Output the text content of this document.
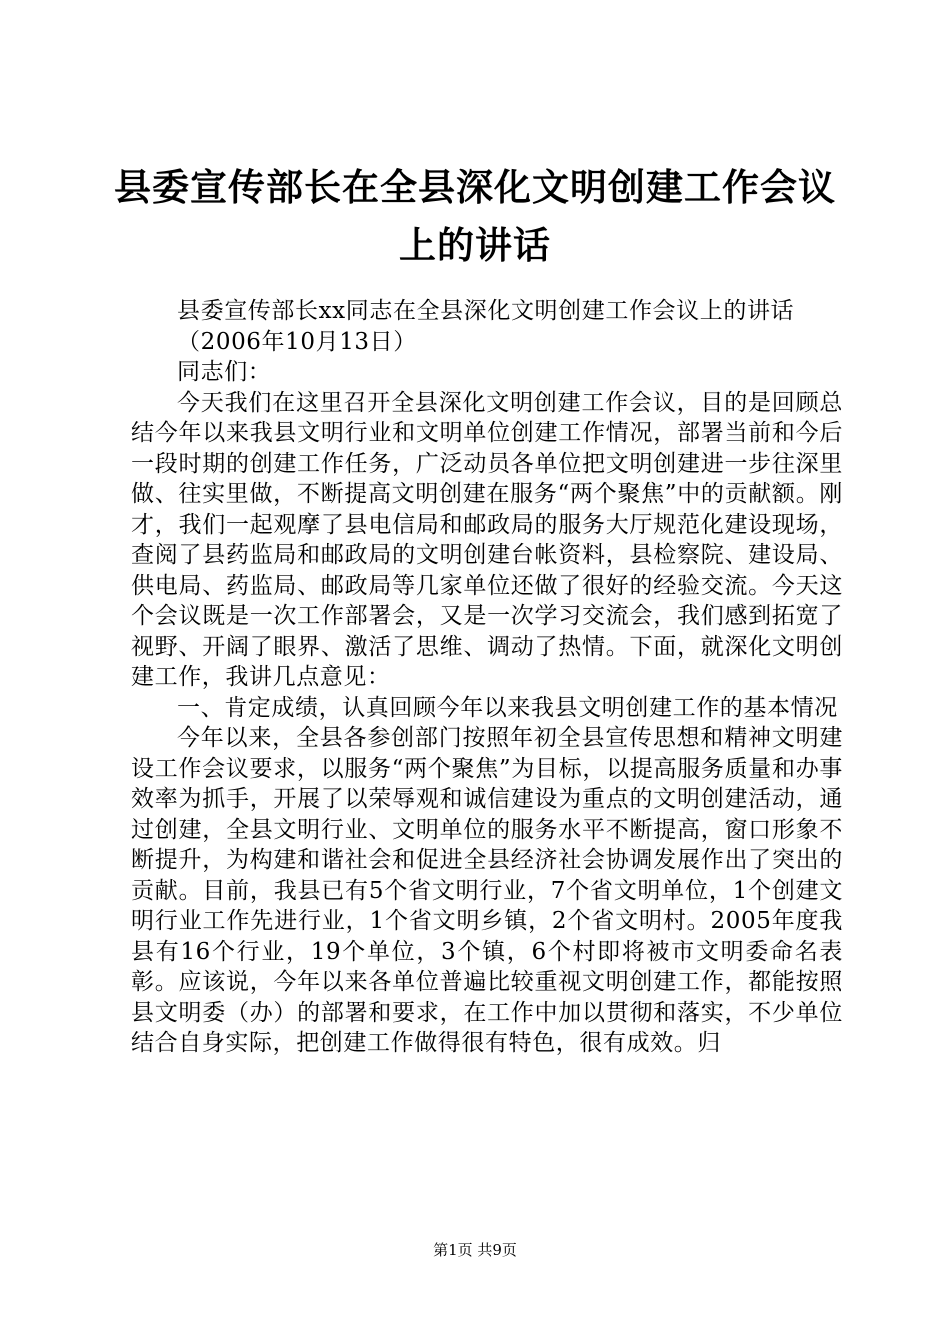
县委宣传部长在全县深化文明创建工作会议上的讲话

县委宣传部长xx同志在全县深化文明创建工作会议上的讲话

（2006年10月13日）

同志们：

今天我们在这里召开全县深化文明创建工作会议，目的是回顾总结今年以来我县文明行业和文明单位创建工作情况，部署当前和今后一段时期的创建工作任务，广泛动员各单位把文明创建进一步往深里做、往实里做，不断提高文明创建在服务“两个聚焦”中的贡献额。刚才，我们一起观摩了县电信局和邮政局的服务大厅规范化建设现场，查阅了县药监局和邮政局的文明创建台帐资料，县检察院、建设局、供电局、药监局、邮政局等几家单位还做了很好的经验交流。今天这个会议既是一次工作部署会，又是一次学习交流会，我们感到拓宽了视野、开阔了眼界、激活了思维、调动了热情。下面，就深化文明创建工作，我讲几点意见：

一、肯定成绩，认真回顾今年以来我县文明创建工作的基本情况

今年以来，全县各参创部门按照年初全县宣传思想和精神文明建设工作会议要求，以服务“两个聚焦”为目标，以提高服务质量和办事效率为抓手，开展了以荣辱观和诚信建设为重点的文明创建活动，通过创建，全县文明行业、文明单位的服务水平不断提高，窗口形象不断提升，为构建和谐社会和促进全县经济社会协调发展作出了突出的贡献。目前，我县已有5个省文明行业，7个省文明单位，1个创建文明行业工作先进行业，1个省文明乡镇，2个省文明村。2005年度我县有16个行业，19个单位，3个镇，6个村即将被市文明委命名表彰。应该说，今年以来各单位普遍比较重视文明创建工作，都能按照县文明委（办）的部署和要求，在工作中加以贯彻和落实，不少单位结合自身实际，把创建工作做得很有特色，很有成效。归

第1页 共9页
